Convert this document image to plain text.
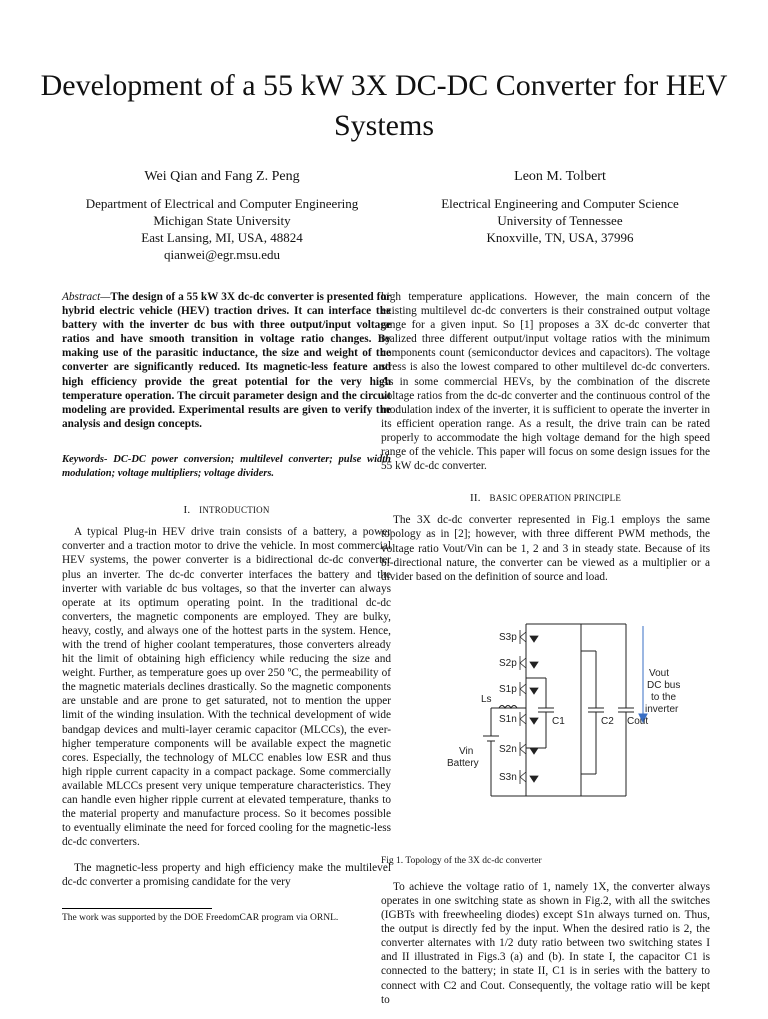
Development of a 55 kW 3X DC-DC Converter for HEV Systems
Wei Qian and Fang Z. Peng
Department of Electrical and Computer Engineering
Michigan State University
East Lansing, MI, USA, 48824
qianwei@egr.msu.edu
Leon M. Tolbert
Electrical Engineering and Computer Science
University of Tennessee
Knoxville, TN, USA, 37996

Abstract—The design of a 55 kW 3X dc-dc converter is presented for hybrid electric vehicle (HEV) traction drives. It can interface the battery with the inverter dc bus with three output/input voltage ratios and have smooth transition in voltage ratio changes. By making use of the parasitic inductance, the size and weight of the converter are significantly reduced. Its magnetic-less feature and high efficiency provide the great potential for the very high temperature operation. The circuit parameter design and the circuit modeling are provided. Experimental results are given to verify the analysis and design concepts.

Keywords- DC-DC power conversion; multilevel converter; pulse width modulation; voltage multipliers; voltage dividers.

I. INTRODUCTION

A typical Plug-in HEV drive train consists of a battery, a power converter and a traction motor to drive the vehicle. In most commercial HEV systems, the power converter is a bidirectional dc-dc converter plus an inverter. The dc-dc converter interfaces the battery and the inverter with variable dc bus voltages, so that the inverter can always operate at its optimum operating point. In the traditional dc-dc converters, the magnetic components are employed. They are bulky, heavy, costly, and always one of the hottest parts in the system. Hence, with the trend of higher coolant temperatures, those converters already hit the limit of obtaining high efficiency while reducing the size and weight. Further, as temperature goes up over 250 ºC, the permeability of the magnetic materials declines drastically. So the magnetic components are unstable and are prone to get saturated, not to mention the upper limit of the winding insulation. With the technical development of wide bandgap devices and multi-layer ceramic capacitor (MLCCs), the ever-higher temperature components will be available expect the magnetic cores. Especially, the technology of MLCC enables low ESR and thus high ripple current capacity in a compact package. Some commercially available MLCCs present very unique temperature characteristics. They can handle even higher ripple current at elevated temperature, thanks to the material property and manufacture process. So it becomes possible to eventually eliminate the need for forced cooling for the magnetic-less dc-dc converters.

The magnetic-less property and high efficiency make the multilevel dc-dc converter a promising candidate for the very

The work was supported by the DOE FreedomCAR program via ORNL.

high temperature applications. However, the main concern of the existing multilevel dc-dc converters is their constrained output voltage range for a given input. So [1] proposes a 3X dc-dc converter that realized three different output/input voltage ratios with the minimum components count (semiconductor devices and capacitors). The voltage stress is also the lowest compared to other multilevel dc-dc converters. As in some commercial HEVs, by the combination of the discrete voltage ratios from the dc-dc converter and the continuous control of the modulation index of the inverter, it is sufficient to operate the inverter in its efficient operation range. As a result, the drive train can be rated properly to accommodate the high voltage demand for the high speed range of the vehicle. This paper will focus on some design issues for the 55 kW dc-dc converter.

II. BASIC OPERATION PRINCIPLE

The 3X dc-dc converter represented in Fig.1 employs the same topology as in [2]; however, with three different PWM methods, the voltage ratio Vout/Vin can be 1, 2 and 3 in steady state. Because of its bi-directional nature, the converter can be viewed as a multiplier or a divider based on the definition of source and load.

S3p
S2p
S1p
S1n
S2n
S3n
Ls
C1	C2 Cout
Vin
Battery
Vout
DC bus
to the
inverter

Fig 1. Topology of the 3X dc-dc converter

To achieve the voltage ratio of 1, namely 1X, the converter always operates in one switching state as shown in Fig.2, with all the switches (IGBTs with freewheeling diodes) except S1n always turned on. Thus, the output is directly fed by the input. When the desired ratio is 2, the converter alternates with 1/2 duty ratio between two switching states I and II illustrated in Figs.3 (a) and (b). In state I, the capacitor C1 is connected to the battery; in state II, C1 is in series with the battery to connect with C2 and Cout. Consequently, the voltage ratio will be kept to
